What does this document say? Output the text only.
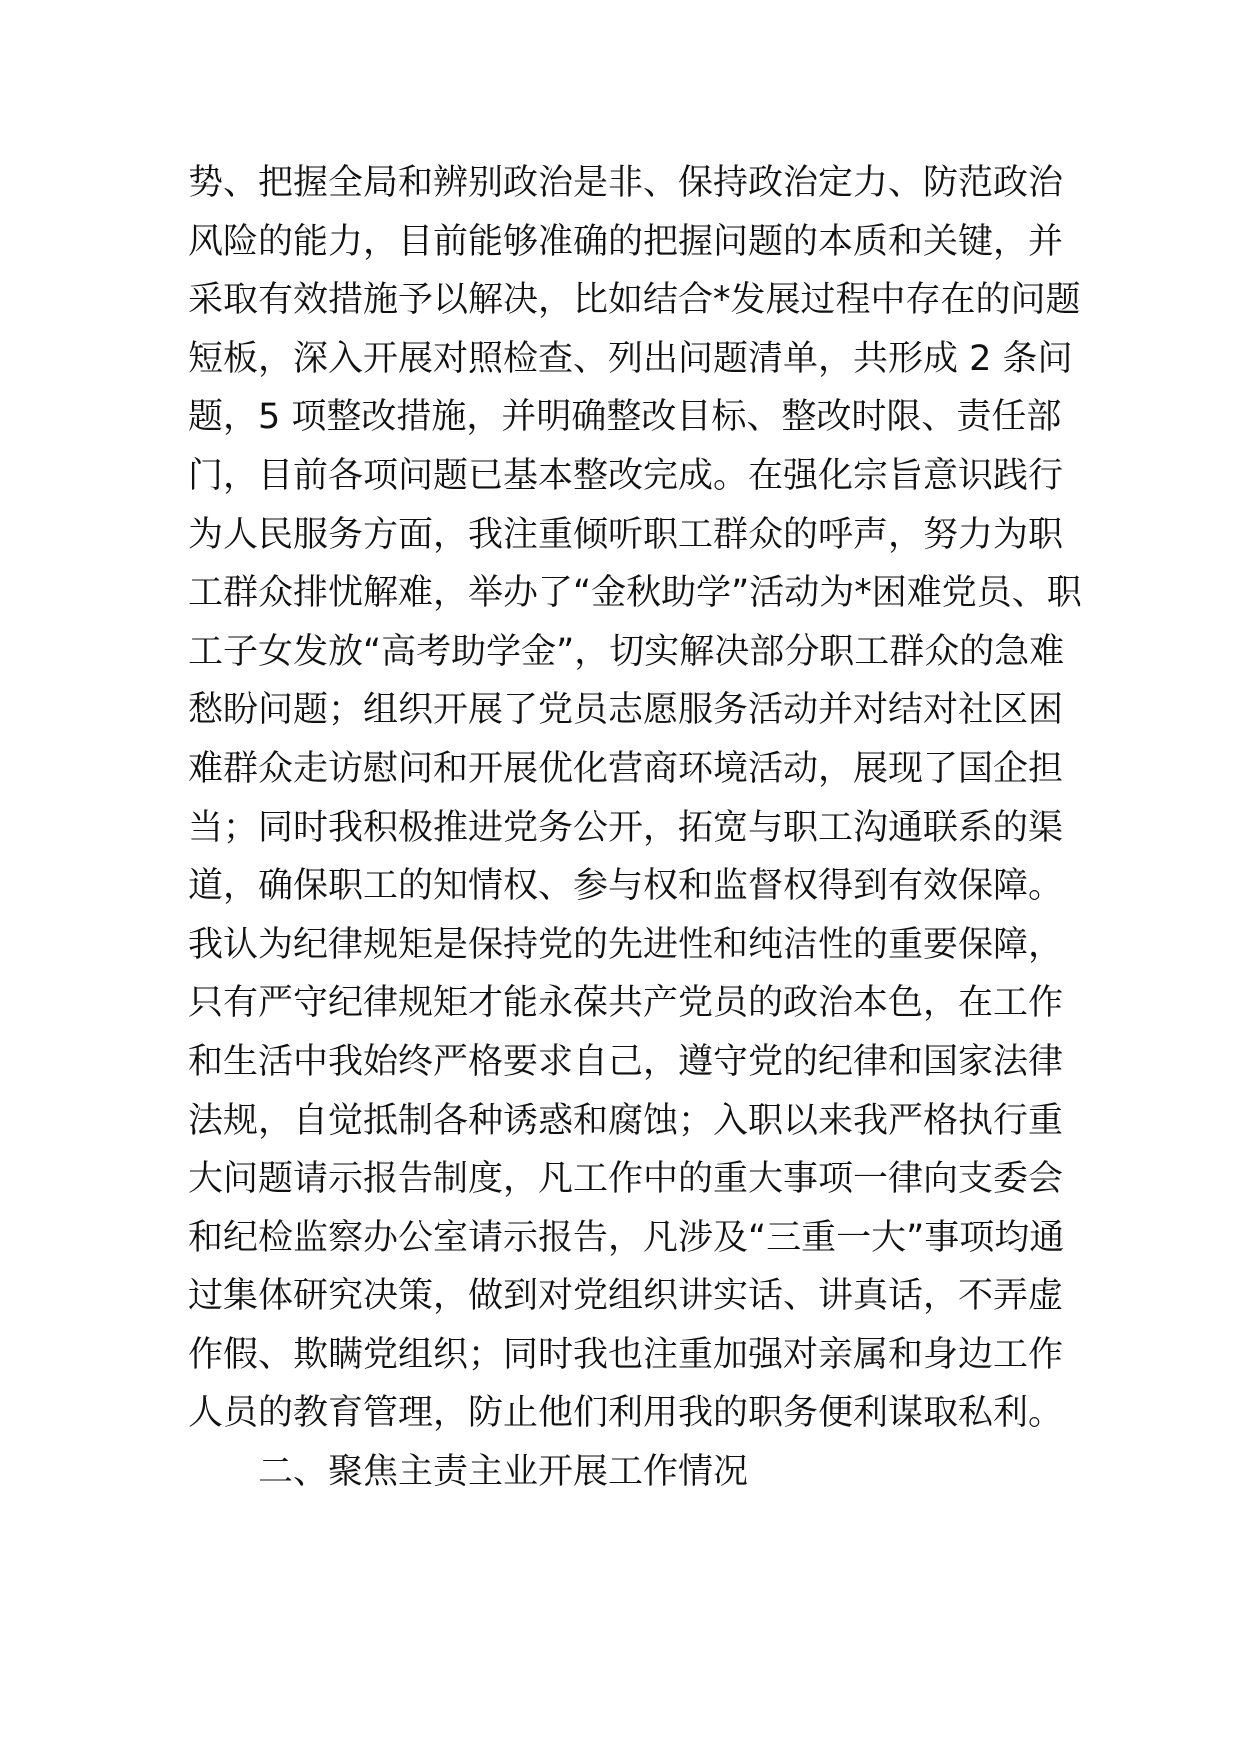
势、把握全局和辨别政治是非、保持政治定力、防范政治
风险的能力，目前能够准确的把握问题的本质和关键，并
采取有效措施予以解决，比如结合*发展过程中存在的问题
短板，深入开展对照检查、列出问题清单，共形成 2 条问
题，5 项整改措施，并明确整改目标、整改时限、责任部
门，目前各项问题已基本整改完成。在强化宗旨意识践行
为人民服务方面，我注重倾听职工群众的呼声，努力为职
工群众排忧解难，举办了“金秋助学”活动为*困难党员、职
工子女发放“高考助学金”，切实解决部分职工群众的急难
愁盼问题；组织开展了党员志愿服务活动并对结对社区困
难群众走访慰问和开展优化营商环境活动，展现了国企担
当；同时我积极推进党务公开，拓宽与职工沟通联系的渠
道，确保职工的知情权、参与权和监督权得到有效保障。
我认为纪律规矩是保持党的先进性和纯洁性的重要保障，
只有严守纪律规矩才能永葆共产党员的政治本色，在工作
和生活中我始终严格要求自己，遵守党的纪律和国家法律
法规，自觉抵制各种诱惑和腐蚀；入职以来我严格执行重
大问题请示报告制度，凡工作中的重大事项一律向支委会
和纪检监察办公室请示报告，凡涉及“三重一大”事项均通
过集体研究决策，做到对党组织讲实话、讲真话，不弄虚
作假、欺瞒党组织；同时我也注重加强对亲属和身边工作
人员的教育管理，防止他们利用我的职务便利谋取私利。
二、聚焦主责主业开展工作情况
